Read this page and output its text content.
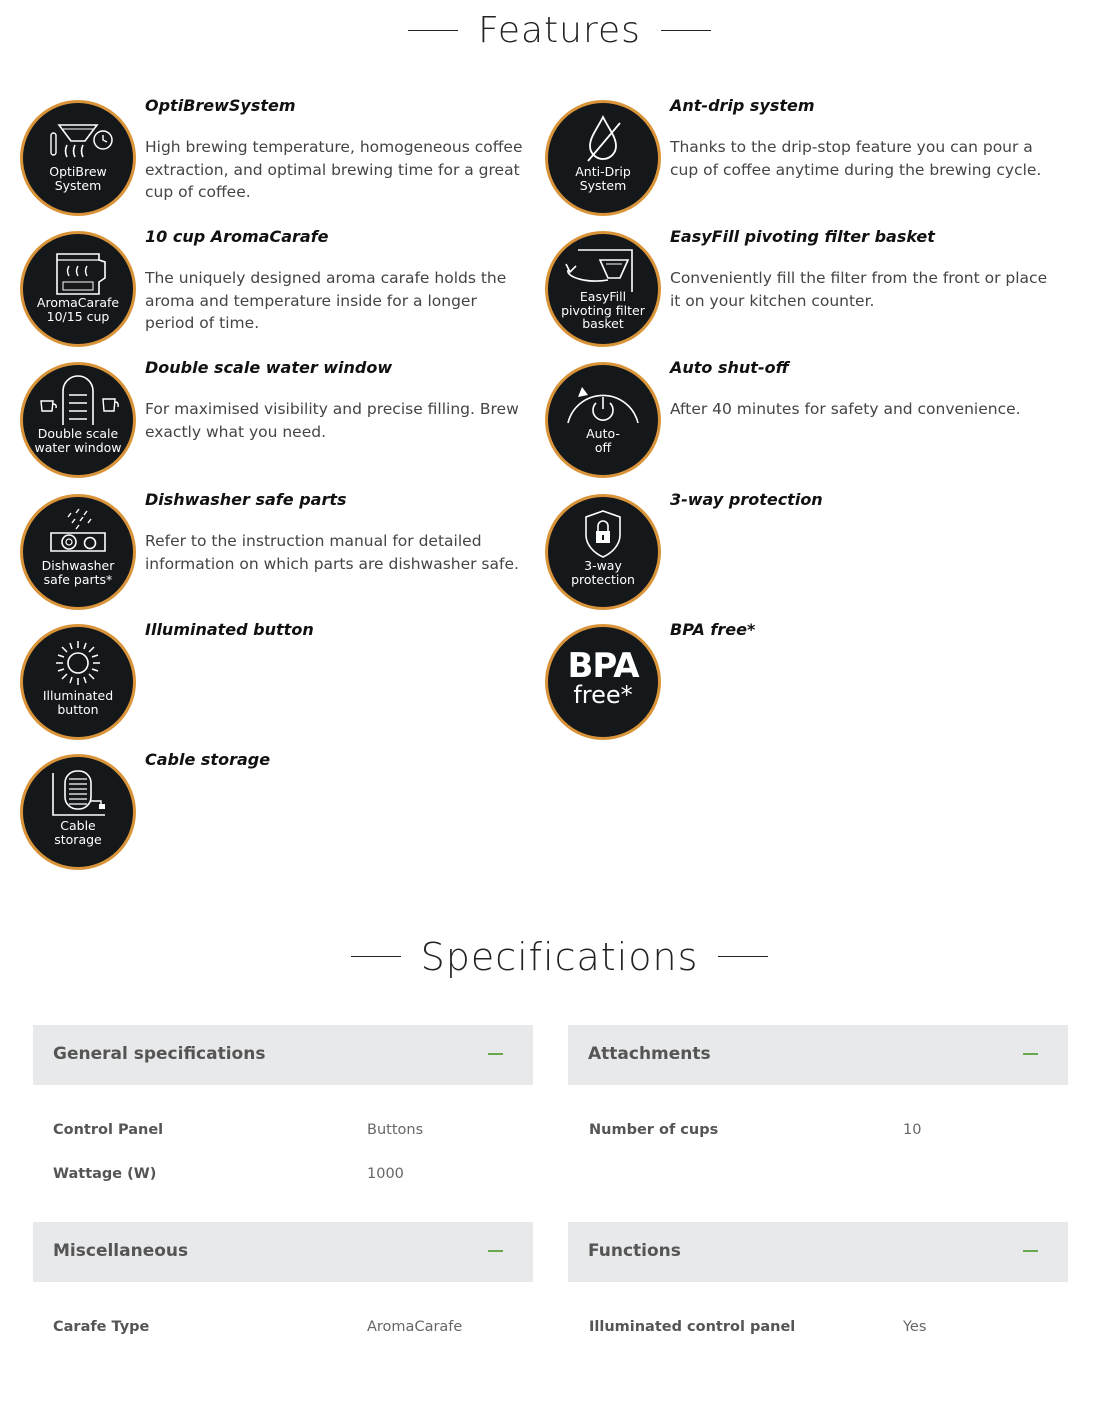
Features
OptiBrew
System
OptiBrewSystem
High brewing temperature, homogeneous coffee extraction, and optimal brewing time for a great cup of coffee.
Anti-Drip
System
Ant-drip system
Thanks to the drip-stop feature you can pour a cup of coffee anytime during the brewing cycle.
AromaCarafe
10/15 cup
10 cup AromaCarafe
The uniquely designed aroma carafe holds the aroma and temperature inside for a longer period of time.
EasyFill
pivoting filter
basket
EasyFill pivoting filter basket
Conveniently fill the filter from the front or place it on your kitchen counter.
Double scale
water window
Double scale water window
For maximised visibility and precise filling. Brew exactly what you need.	Auto-
off
Auto shut-off
After 40 minutes for safety and convenience.
Dishwasher
safe parts*
Dishwasher safe parts
Refer to the instruction manual for detailed information on which parts are dishwasher safe.	3-way
protection
3-way protection
Illuminated
button
Illuminated button
BPA
free*
BPA free*
Cable
storage
Cable storage
Specifications
General specifications
Control Panel	Buttons
Wattage (W)	1000
Attachments
Number of cups	10
Miscellaneous
Carafe Type	AromaCarafe
Functions
Illuminated control panel	Yes
